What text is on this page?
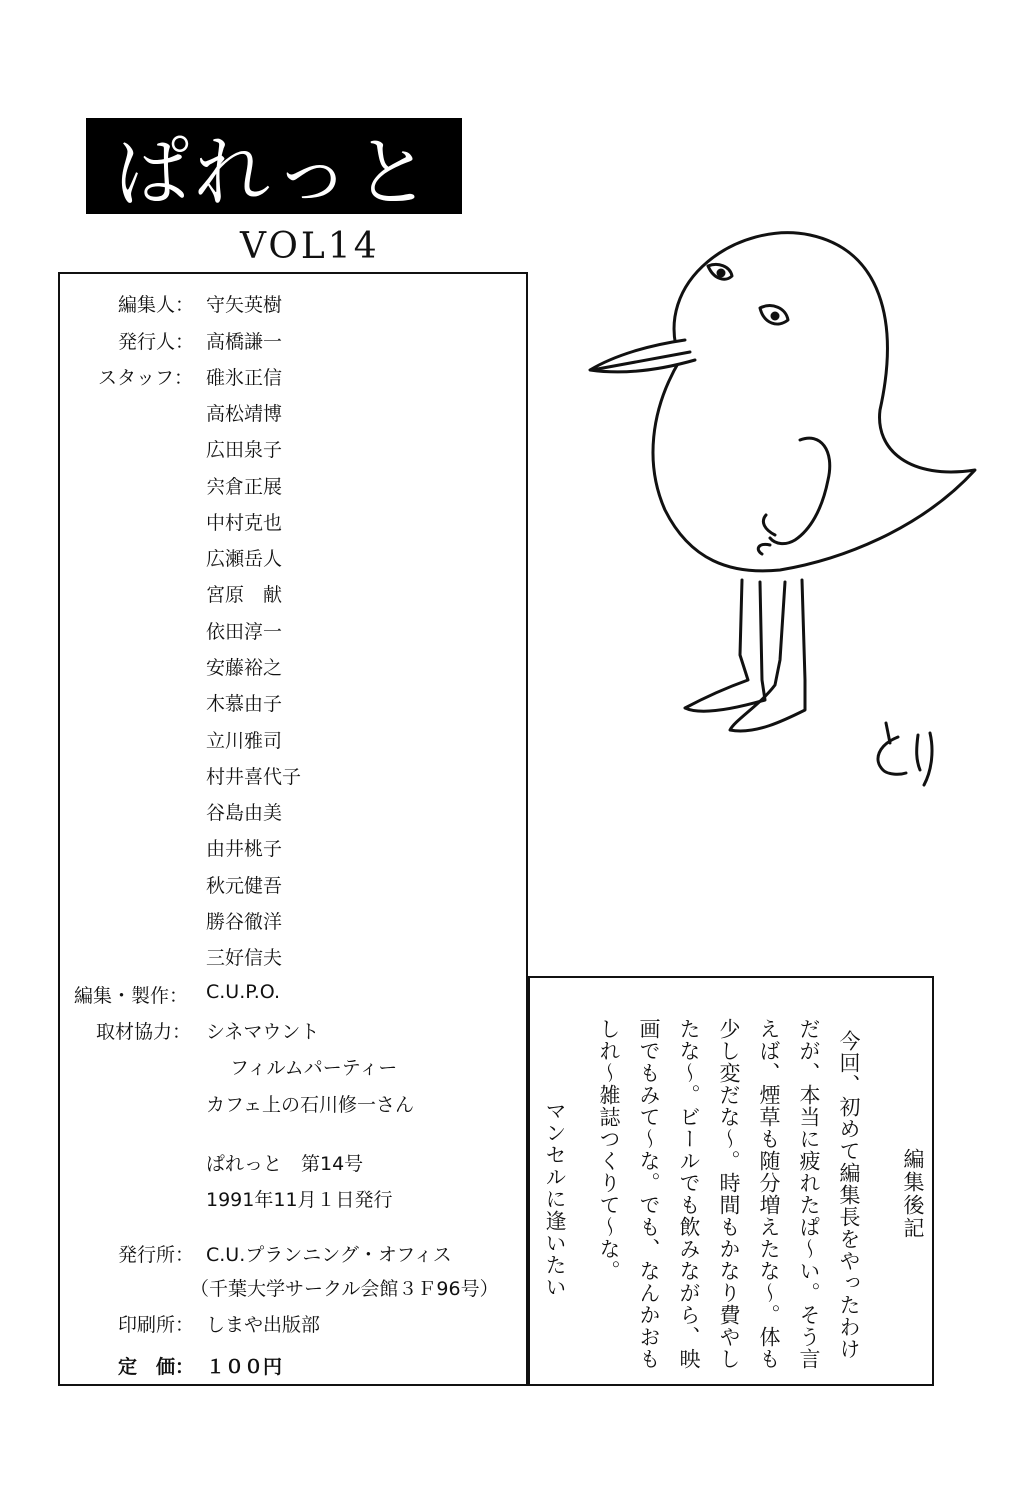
ぱれっと
VOL14
編集人： 守矢英樹
発行人： 高橋謙一
スタッフ： 碓氷正信
高松靖博
広田泉子
宍倉正展
中村克也
広瀬岳人
宮原　献
依田淳一
安藤裕之
木慕由子
立川雅司
村井喜代子
谷島由美
由井桃子
秋元健吾
勝谷徹洋
三好信夫
編集・製作： C.U.P.O.
取材協力： シネマウント
フィルムパーティー
カフェ上の石川修一さん
ぱれっと　第14号
1991年11月１日発行
発行所： C.U.プランニング・オフィス
（千葉大学サークル会館３Ｆ96号）
印刷所： しまや出版部
定　価： １００円
編集後記
今回、初めて編集長をやったわけ
だが、本当に疲れたぱ〜い。そう言
えば、煙草も随分増えたな〜。体も
少し変だな〜。時間もかなり費やし
たな〜。ビールでも飲みながら、映
画でもみて〜な。でも、なんかおも
しれ〜雑誌つくりて〜な。
マンセルに逢いたい
